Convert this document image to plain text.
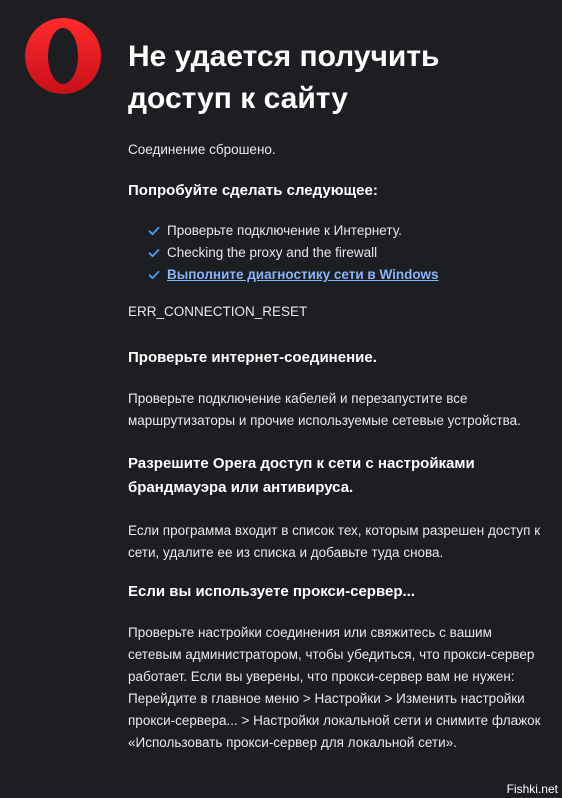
Не удается получить доступ к сайту

Соединение сброшено.

Попробуйте сделать следующее:

Проверьте подключение к Интернету.
Checking the proxy and the firewall
Выполните диагностику сети в Windows

ERR_CONNECTION_RESET

Проверьте интернет-соединение.

Проверьте подключение кабелей и перезапустите все маршрутизаторы и прочие используемые сетевые устройства.

Разрешите Opera доступ к сети с настройками брандмауэра или антивируса.

Если программа входит в список тех, которым разрешен доступ к сети, удалите ее из списка и добавьте туда снова.

Если вы используете прокси-сервер...

Проверьте настройки соединения или свяжитесь с вашим сетевым администратором, чтобы убедиться, что прокси-сервер работает. Если вы уверены, что прокси-сервер вам не нужен: Перейдите в главное меню > Настройки > Изменить настройки прокси-сервера... > Настройки локальной сети и снимите флажок «Использовать прокси-сервер для локальной сети».

Fishki.net
